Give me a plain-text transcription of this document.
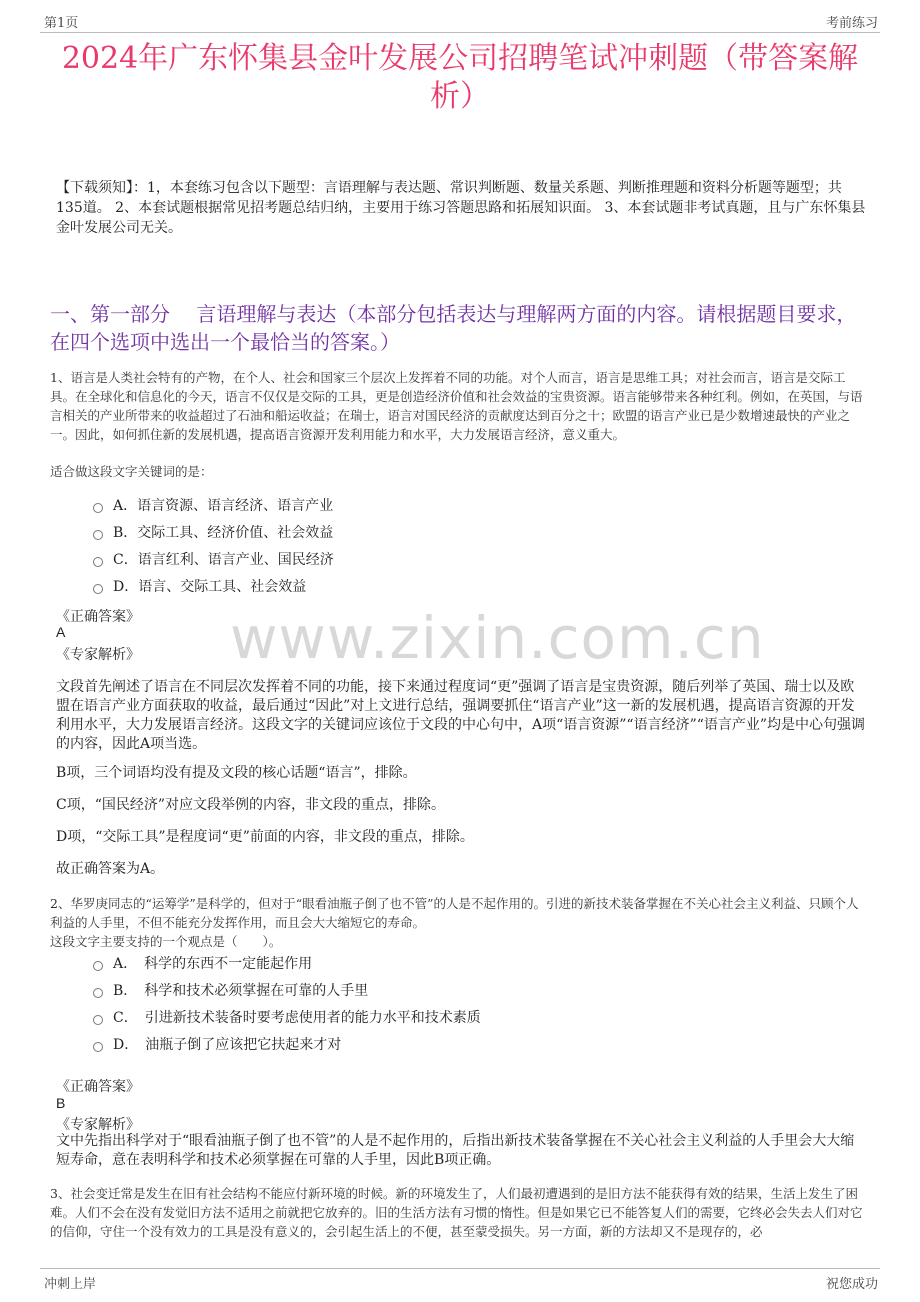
第1页	考前练习
2024年广东怀集县金叶发展公司招聘笔试冲刺题（带答案解析）
【下载须知】：1，本套练习包含以下题型：言语理解与表达题、常识判断题、数量关系题、判断推理题和资料分析题等题型；共135道。 2、本套试题根据常见招考题总结归纳，主要用于练习答题思路和拓展知识面。 3、本套试题非考试真题，且与广东怀集县金叶发展公司无关。
一、第一部分　 言语理解与表达（本部分包括表达与理解两方面的内容。请根据题目要求，在四个选项中选出一个最恰当的答案。）
1、语言是人类社会特有的产物，在个人、社会和国家三个层次上发挥着不同的功能。对个人而言，语言是思维工具；对社会而言，语言是交际工具。在全球化和信息化的今天，语言不仅仅是交际的工具，更是创造经济价值和社会效益的宝贵资源。语言能够带来各种红利。例如，在英国，与语言相关的产业所带来的收益超过了石油和船运收益；在瑞士，语言对国民经济的贡献度达到百分之十；欧盟的语言产业已是少数增速最快的产业之一。因此，如何抓住新的发展机遇，提高语言资源开发利用能力和水平，大力发展语言经济，意义重大。
适合做这段文字关键词的是：
A．语言资源、语言经济、语言产业
B．交际工具、经济价值、社会效益
C．语言红利、语言产业、国民经济
D．语言、交际工具、社会效益
《正确答案》
A
《专家解析》 www.zixin.com.cn
文段首先阐述了语言在不同层次发挥着不同的功能，接下来通过程度词“更”强调了语言是宝贵资源，随后列举了英国、瑞士以及欧盟在语言产业方面获取的收益，最后通过“因此”对上文进行总结，强调要抓住“语言产业”这一新的发展机遇，提高语言资源的开发利用水平，大力发展语言经济。这段文字的关键词应该位于文段的中心句中，A项“语言资源”“语言经济”“语言产业”均是中心句强调的内容，因此A项当选。
B项，三个词语均没有提及文段的核心话题“语言”，排除。
C项，“国民经济”对应文段举例的内容，非文段的重点，排除。
D项，“交际工具”是程度词“更”前面的内容，非文段的重点，排除。
故正确答案为A。
2、华罗庚同志的“运筹学”是科学的，但对于“眼看油瓶子倒了也不管”的人是不起作用的。引进的新技术装备掌握在不关心社会主义利益、只顾个人利益的人手里，不但不能充分发挥作用，而且会大大缩短它的寿命。
这段文字主要支持的一个观点是（　　）。
A．　科学的东西不一定能起作用
B．　科学和技术必须掌握在可靠的人手里
C．　引进新技术装备时要考虑使用者的能力水平和技术素质
D．　油瓶子倒了应该把它扶起来才对
《正确答案》
B
《专家解析》
文中先指出科学对于“眼看油瓶子倒了也不管”的人是不起作用的，后指出新技术装备掌握在不关心社会主义利益的人手里会大大缩短寿命，意在表明科学和技术必须掌握在可靠的人手里，因此B项正确。
3、社会变迁常是发生在旧有社会结构不能应付新环境的时候。新的环境发生了，人们最初遭遇到的是旧方法不能获得有效的结果，生活上发生了困难。人们不会在没有发觉旧方法不适用之前就把它放弃的。旧的生活方法有习惯的惰性。但是如果它已不能答复人们的需要，它终必会失去人们对它的信仰，守住一个没有效力的工具是没有意义的，会引起生活上的不便，甚至蒙受损失。另一方面，新的方法却又不是现存的，必
冲刺上岸	祝您成功
